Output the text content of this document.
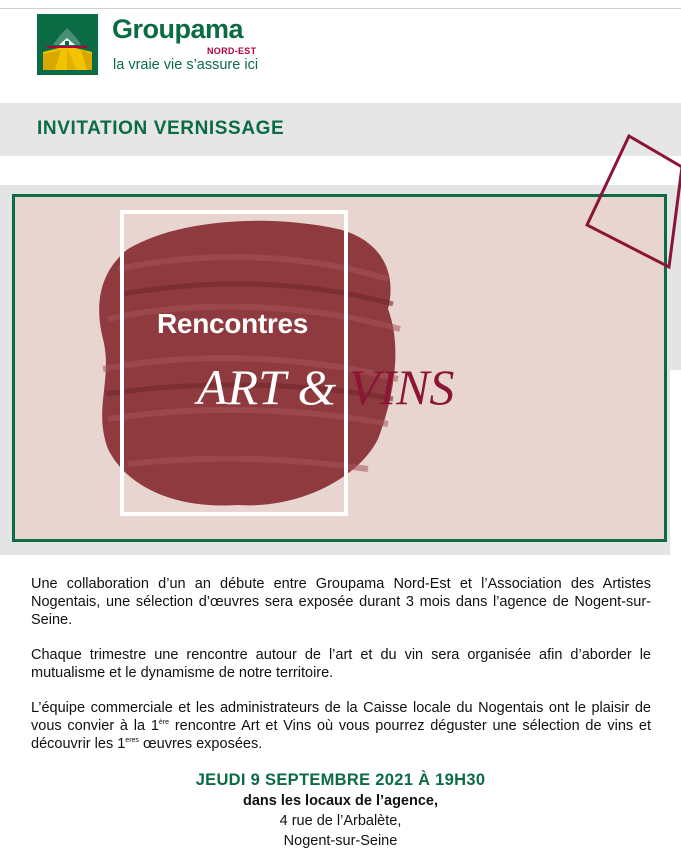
Groupama
NORD-EST
la vraie vie s’assure ici
INVITATION VERNISSAGE
Rencontres
ART & VINS
Une collaboration d’un an débute entre Groupama Nord-Est et l’Association des Artistes Nogentais, une sélection d’œuvres sera exposée durant 3 mois dans l’agence de Nogent-sur-Seine.
Chaque trimestre une rencontre autour de l’art et du vin sera organisée afin d’aborder le mutualisme et le dynamisme de notre territoire.
L’équipe commerciale et les administrateurs de la Caisse locale du Nogentais ont le plaisir de vous convier à la 1ère rencontre Art et Vins où vous pourrez déguster une sélection de vins et découvrir les $1^{eres}$ œuvres exposées.
JEUDI 9 SEPTEMBRE 2021 À 19H30
dans les locaux de l’agence,
4 rue de l’Arbalète,
Nogent-sur-Seine
